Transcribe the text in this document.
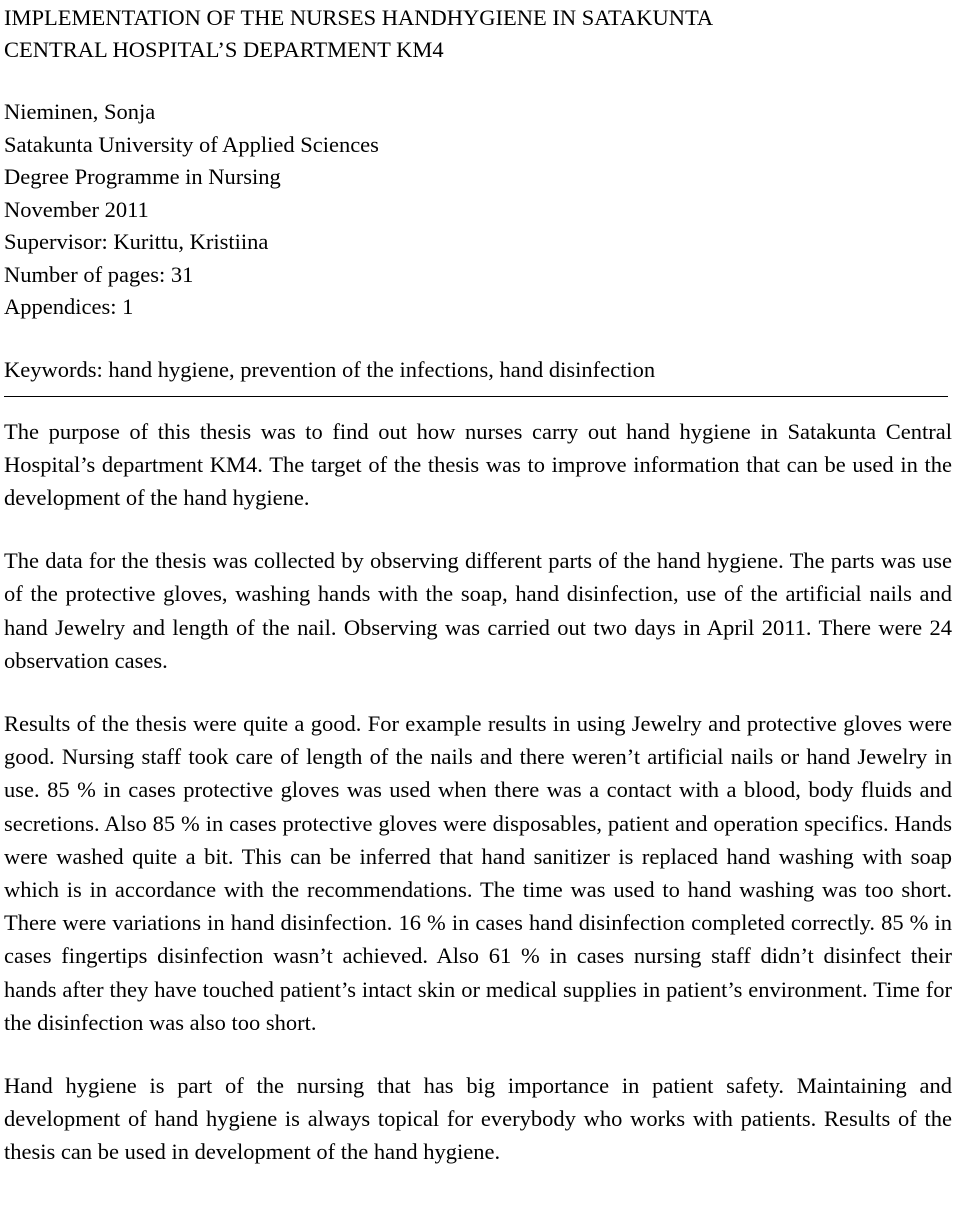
IMPLEMENTATION OF THE NURSES HANDHYGIENE IN SATAKUNTA
CENTRAL HOSPITAL’S DEPARTMENT KM4
Nieminen, Sonja
Satakunta University of Applied Sciences
Degree Programme in Nursing
November 2011
Supervisor: Kurittu, Kristiina
Number of pages: 31
Appendices: 1
Keywords: hand hygiene, prevention of the infections, hand disinfection

The purpose of this thesis was to find out how nurses carry out hand hygiene in Satakunta Central Hospital’s department KM4. The target of the thesis was to improve information that can be used in the development of the hand hygiene.

The data for the thesis was collected by observing different parts of the hand hygiene. The parts was use of the protective gloves, washing hands with the soap, hand disinfection, use of the artificial nails and hand Jewelry and length of the nail. Observing was carried out two days in April 2011. There were 24 observation cases.

Results of the thesis were quite a good. For example results in using Jewelry and protective gloves were good. Nursing staff took care of length of the nails and there weren’t artificial nails or hand Jewelry in use. 85 % in cases protective gloves was used when there was a contact with a blood, body fluids and secretions. Also 85 % in cases protective gloves were disposables, patient and operation specifics. Hands were washed quite a bit. This can be inferred that hand sanitizer is replaced hand washing with soap which is in accordance with the recommendations. The time was used to hand washing was too short. There were variations in hand disinfection. 16 % in cases hand disinfection completed correctly. 85 % in cases fingertips disinfection wasn’t achieved. Also 61 % in cases nursing staff didn’t disinfect their hands after they have touched patient’s intact skin or medical supplies in patient’s environment. Time for the disinfection was also too short.

Hand hygiene is part of the nursing that has big importance in patient safety. Maintaining and development of hand hygiene is always topical for everybody who works with patients. Results of the thesis can be used in development of the hand hygiene.
